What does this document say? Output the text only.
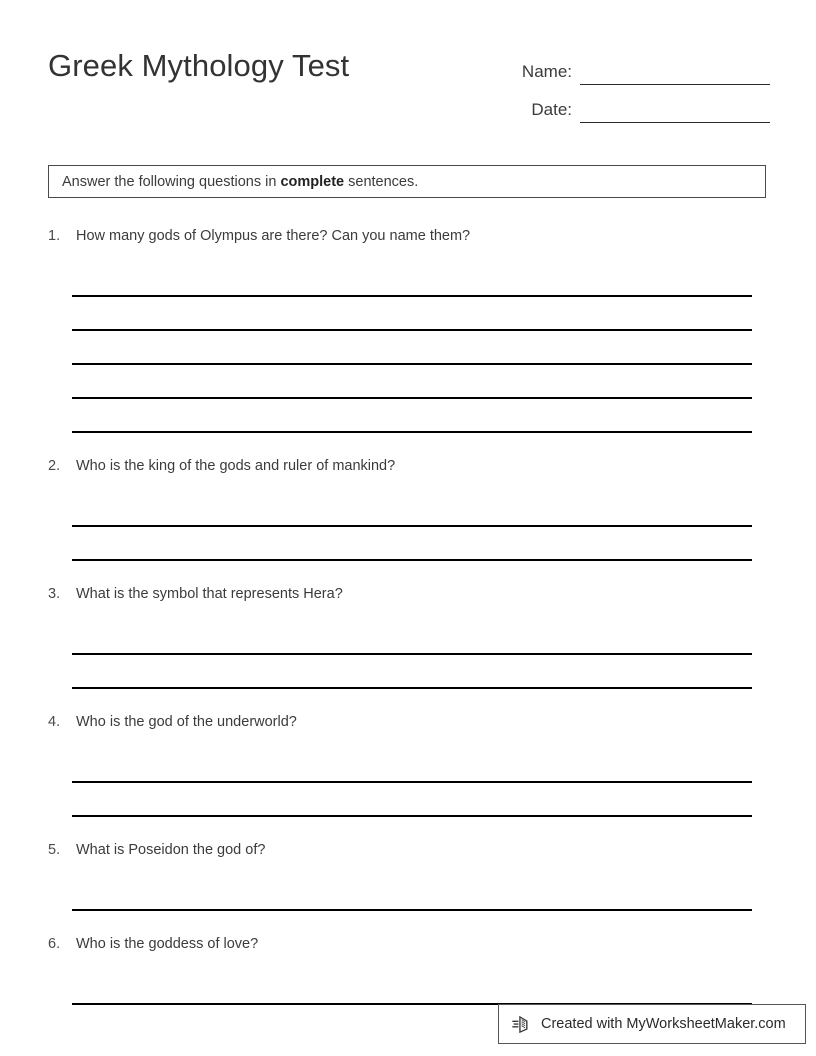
Greek Mythology Test	Name:
Date:
Answer the following questions in complete sentences.
1. How many gods of Olympus are there? Can you name them?
2. Who is the king of the gods and ruler of mankind?
3. What is the symbol that represents Hera?
4. Who is the god of the underworld?
5. What is Poseidon the god of?
6. Who is the goddess of love?
Created with MyWorksheetMaker.com
